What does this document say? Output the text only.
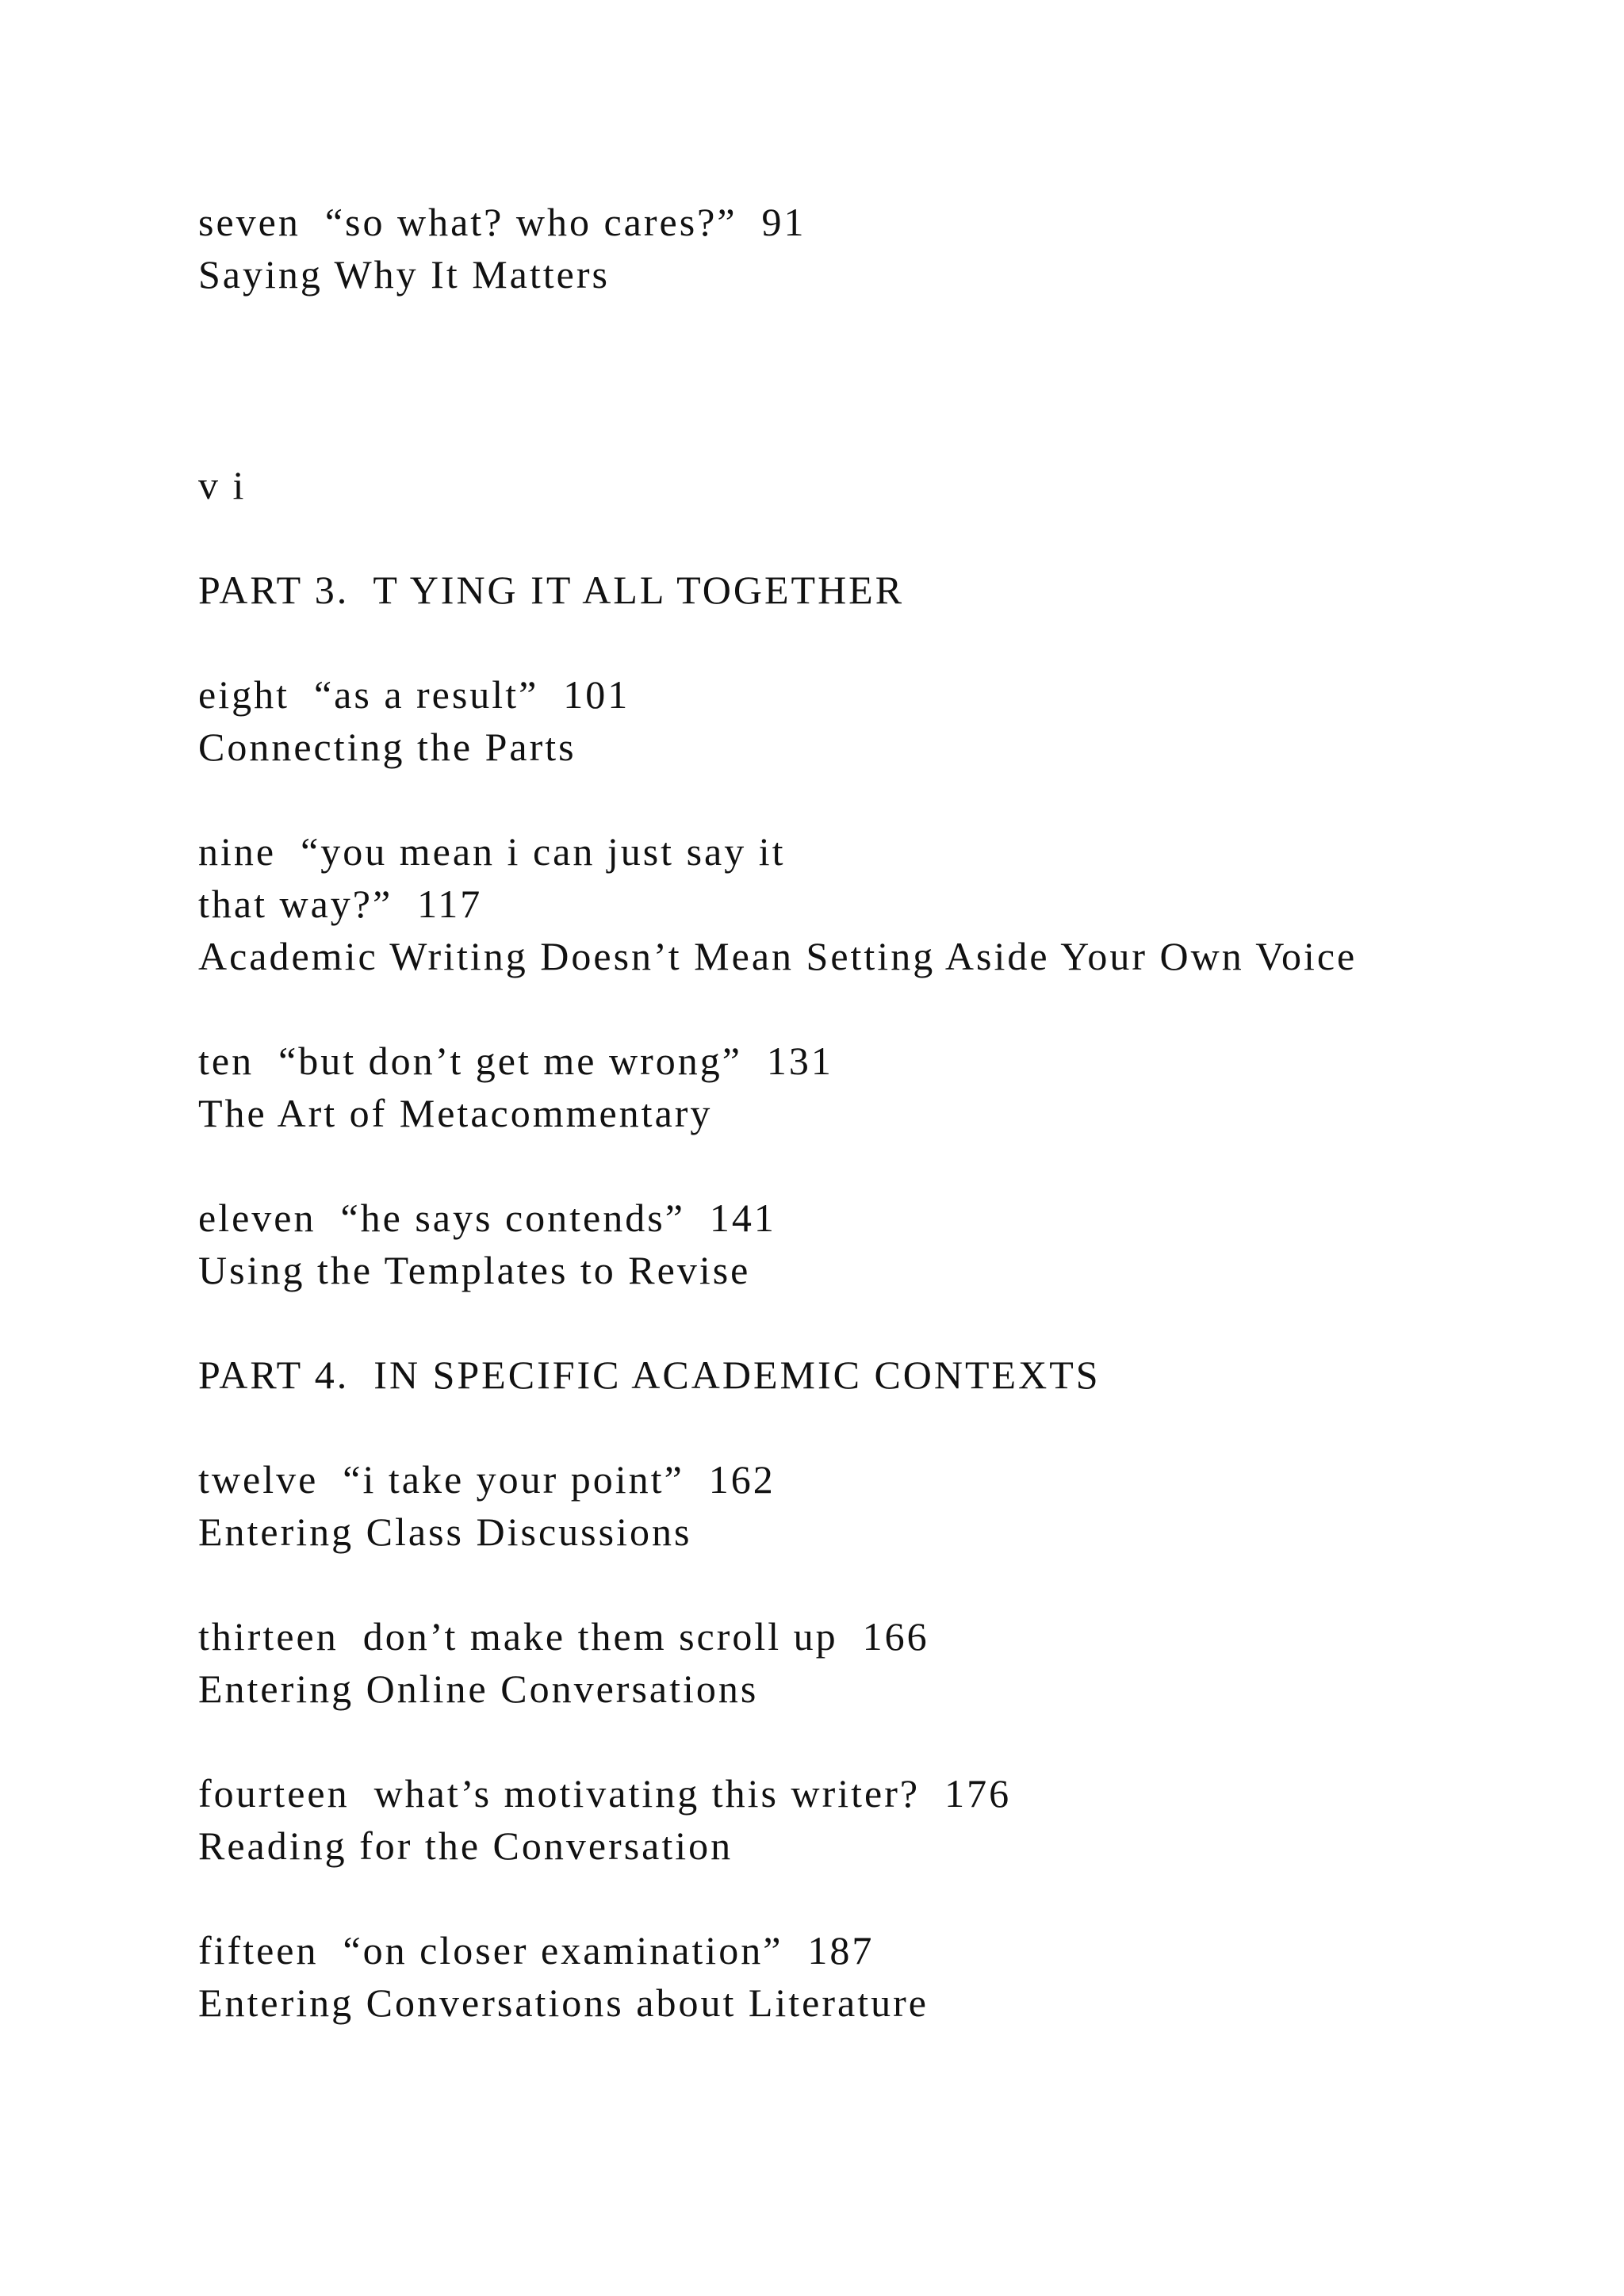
seven  “so what? who cares?”  91
Saying Why It Matters
v i
PART 3.  T YING IT ALL TOGETHER
eight  “as a result”  101
Connecting the Parts
nine  “you mean i can just say it
that way?”  117
Academic Writing Doesn’t Mean Setting Aside Your Own Voice
ten  “but don’t get me wrong”  131
The Art of Metacommentary
eleven  “he says contends”  141
Using the Templates to Revise
PART 4.  IN SPECIFIC ACADEMIC CONTEXTS
twelve  “i take your point”  162
Entering Class Discussions
thirteen  don’t make them scroll up  166
Entering Online Conversations
fourteen  what’s motivating this writer?  176
Reading for the Conversation
fifteen  “on closer examination”  187
Entering Conversations about Literature
